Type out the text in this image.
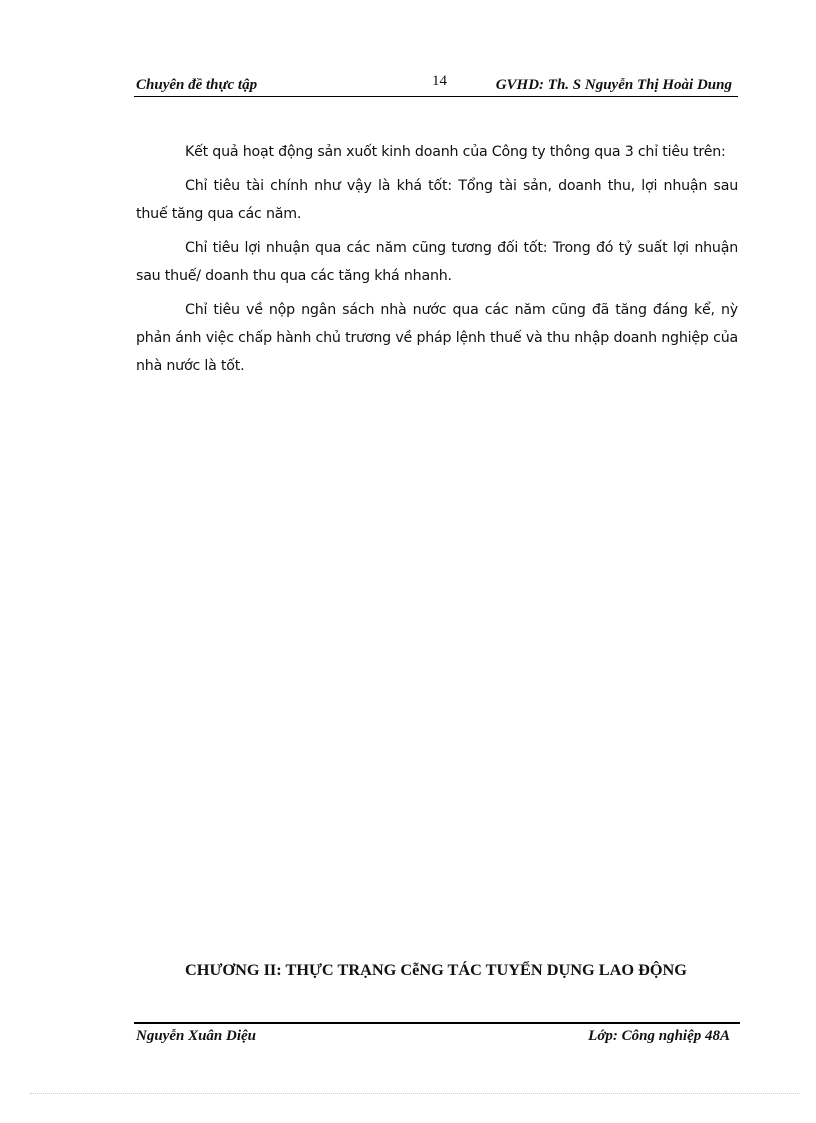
Chuyên đề thực tập	14	GVHD: Th. S Nguyễn Thị Hoài Dung

Kết quả hoạt động sản xuốt kinh doanh của Công ty thông qua 3 chỉ tiêu trên:

Chỉ tiêu tài chính như vậy là khá tốt: Tổng tài sản, doanh thu, lợi nhuận sau thuế tăng qua các năm.

Chỉ tiêu lợi nhuận qua các năm cũng tương đối tốt: Trong đó tỷ suất lợi nhuận sau thuế/ doanh thu qua các tăng khá nhanh.

Chỉ tiêu về nộp ngân sách nhà nước qua các năm cũng đã tăng đáng kể, nỳ phản ánh việc chấp hành chủ trương về pháp lệnh thuế và thu nhập doanh nghiệp của nhà nước là tốt.

CHƯƠNG II: THỰC TRẠNG CễNG TÁC TUYỂN DỤNG LAO ĐỘNG
Nguyễn Xuân Diệu	Lớp: Công nghiệp 48A
